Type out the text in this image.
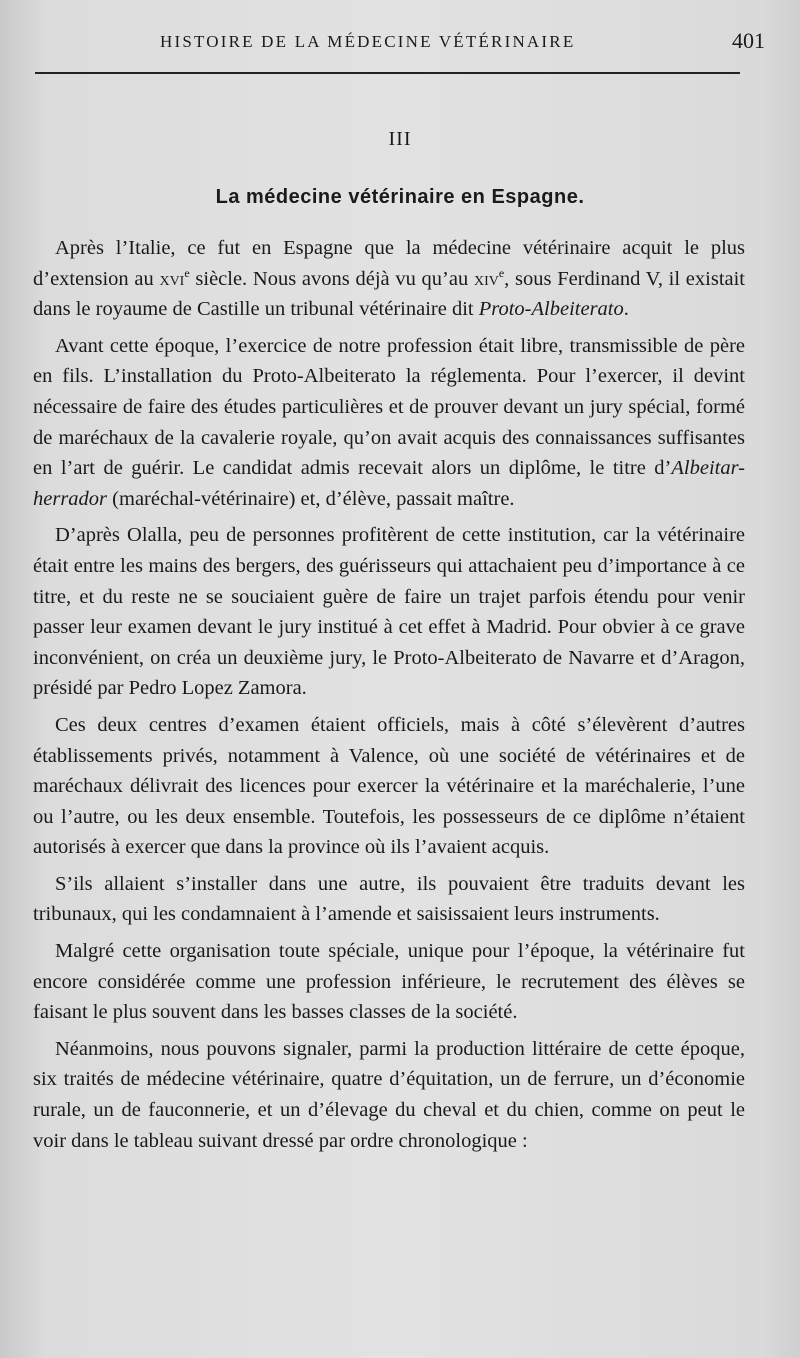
HISTOIRE DE LA MÉDECINE VÉTÉRINAIRE	401
III
La médecine vétérinaire en Espagne.

Après l’Italie, ce fut en Espagne que la médecine vétérinaire acquit le plus d’extension au xvi$^e$ siècle. Nous avons déjà vu qu’au xiv$^e$, sous Ferdinand V, il existait dans le royaume de Castille un tribunal vétérinaire dit Proto-Albeiterato.

Avant cette époque, l’exercice de notre profession était libre, transmissible de père en fils. L’installation du Proto-Albeiterato la réglementa. Pour l’exercer, il devint nécessaire de faire des études particulières et de prouver devant un jury spécial, formé de maréchaux de la cavalerie royale, qu’on avait acquis des connaissances suffisantes en l’art de guérir. Le candidat admis recevait alors un diplôme, le titre d’Albeitar-herrador (maréchal-vétérinaire) et, d’élève, passait maître.

D’après Olalla, peu de personnes profitèrent de cette institution, car la vétérinaire était entre les mains des bergers, des guérisseurs qui attachaient peu d’importance à ce titre, et du reste ne se souciaient guère de faire un trajet parfois étendu pour venir passer leur examen devant le jury institué à cet effet à Madrid. Pour obvier à ce grave inconvénient, on créa un deuxième jury, le Proto-Albeiterato de Navarre et d’Aragon, présidé par Pedro Lopez Zamora.

Ces deux centres d’examen étaient officiels, mais à côté s’élevèrent d’autres établissements privés, notamment à Valence, où une société de vétérinaires et de maréchaux délivrait des licences pour exercer la vétérinaire et la maréchalerie, l’une ou l’autre, ou les deux ensemble. Toutefois, les possesseurs de ce diplôme n’étaient autorisés à exercer que dans la province où ils l’avaient acquis.

S’ils allaient s’installer dans une autre, ils pouvaient être traduits devant les tribunaux, qui les condamnaient à l’amende et saisissaient leurs instruments.

Malgré cette organisation toute spéciale, unique pour l’époque, la vétérinaire fut encore considérée comme une profession inférieure, le recrutement des élèves se faisant le plus souvent dans les basses classes de la société.

Néanmoins, nous pouvons signaler, parmi la production littéraire de cette époque, six traités de médecine vétérinaire, quatre d’équitation, un de ferrure, un d’économie rurale, un de fauconnerie, et un d’élevage du cheval et du chien, comme on peut le voir dans le tableau suivant dressé par ordre chronologique :
